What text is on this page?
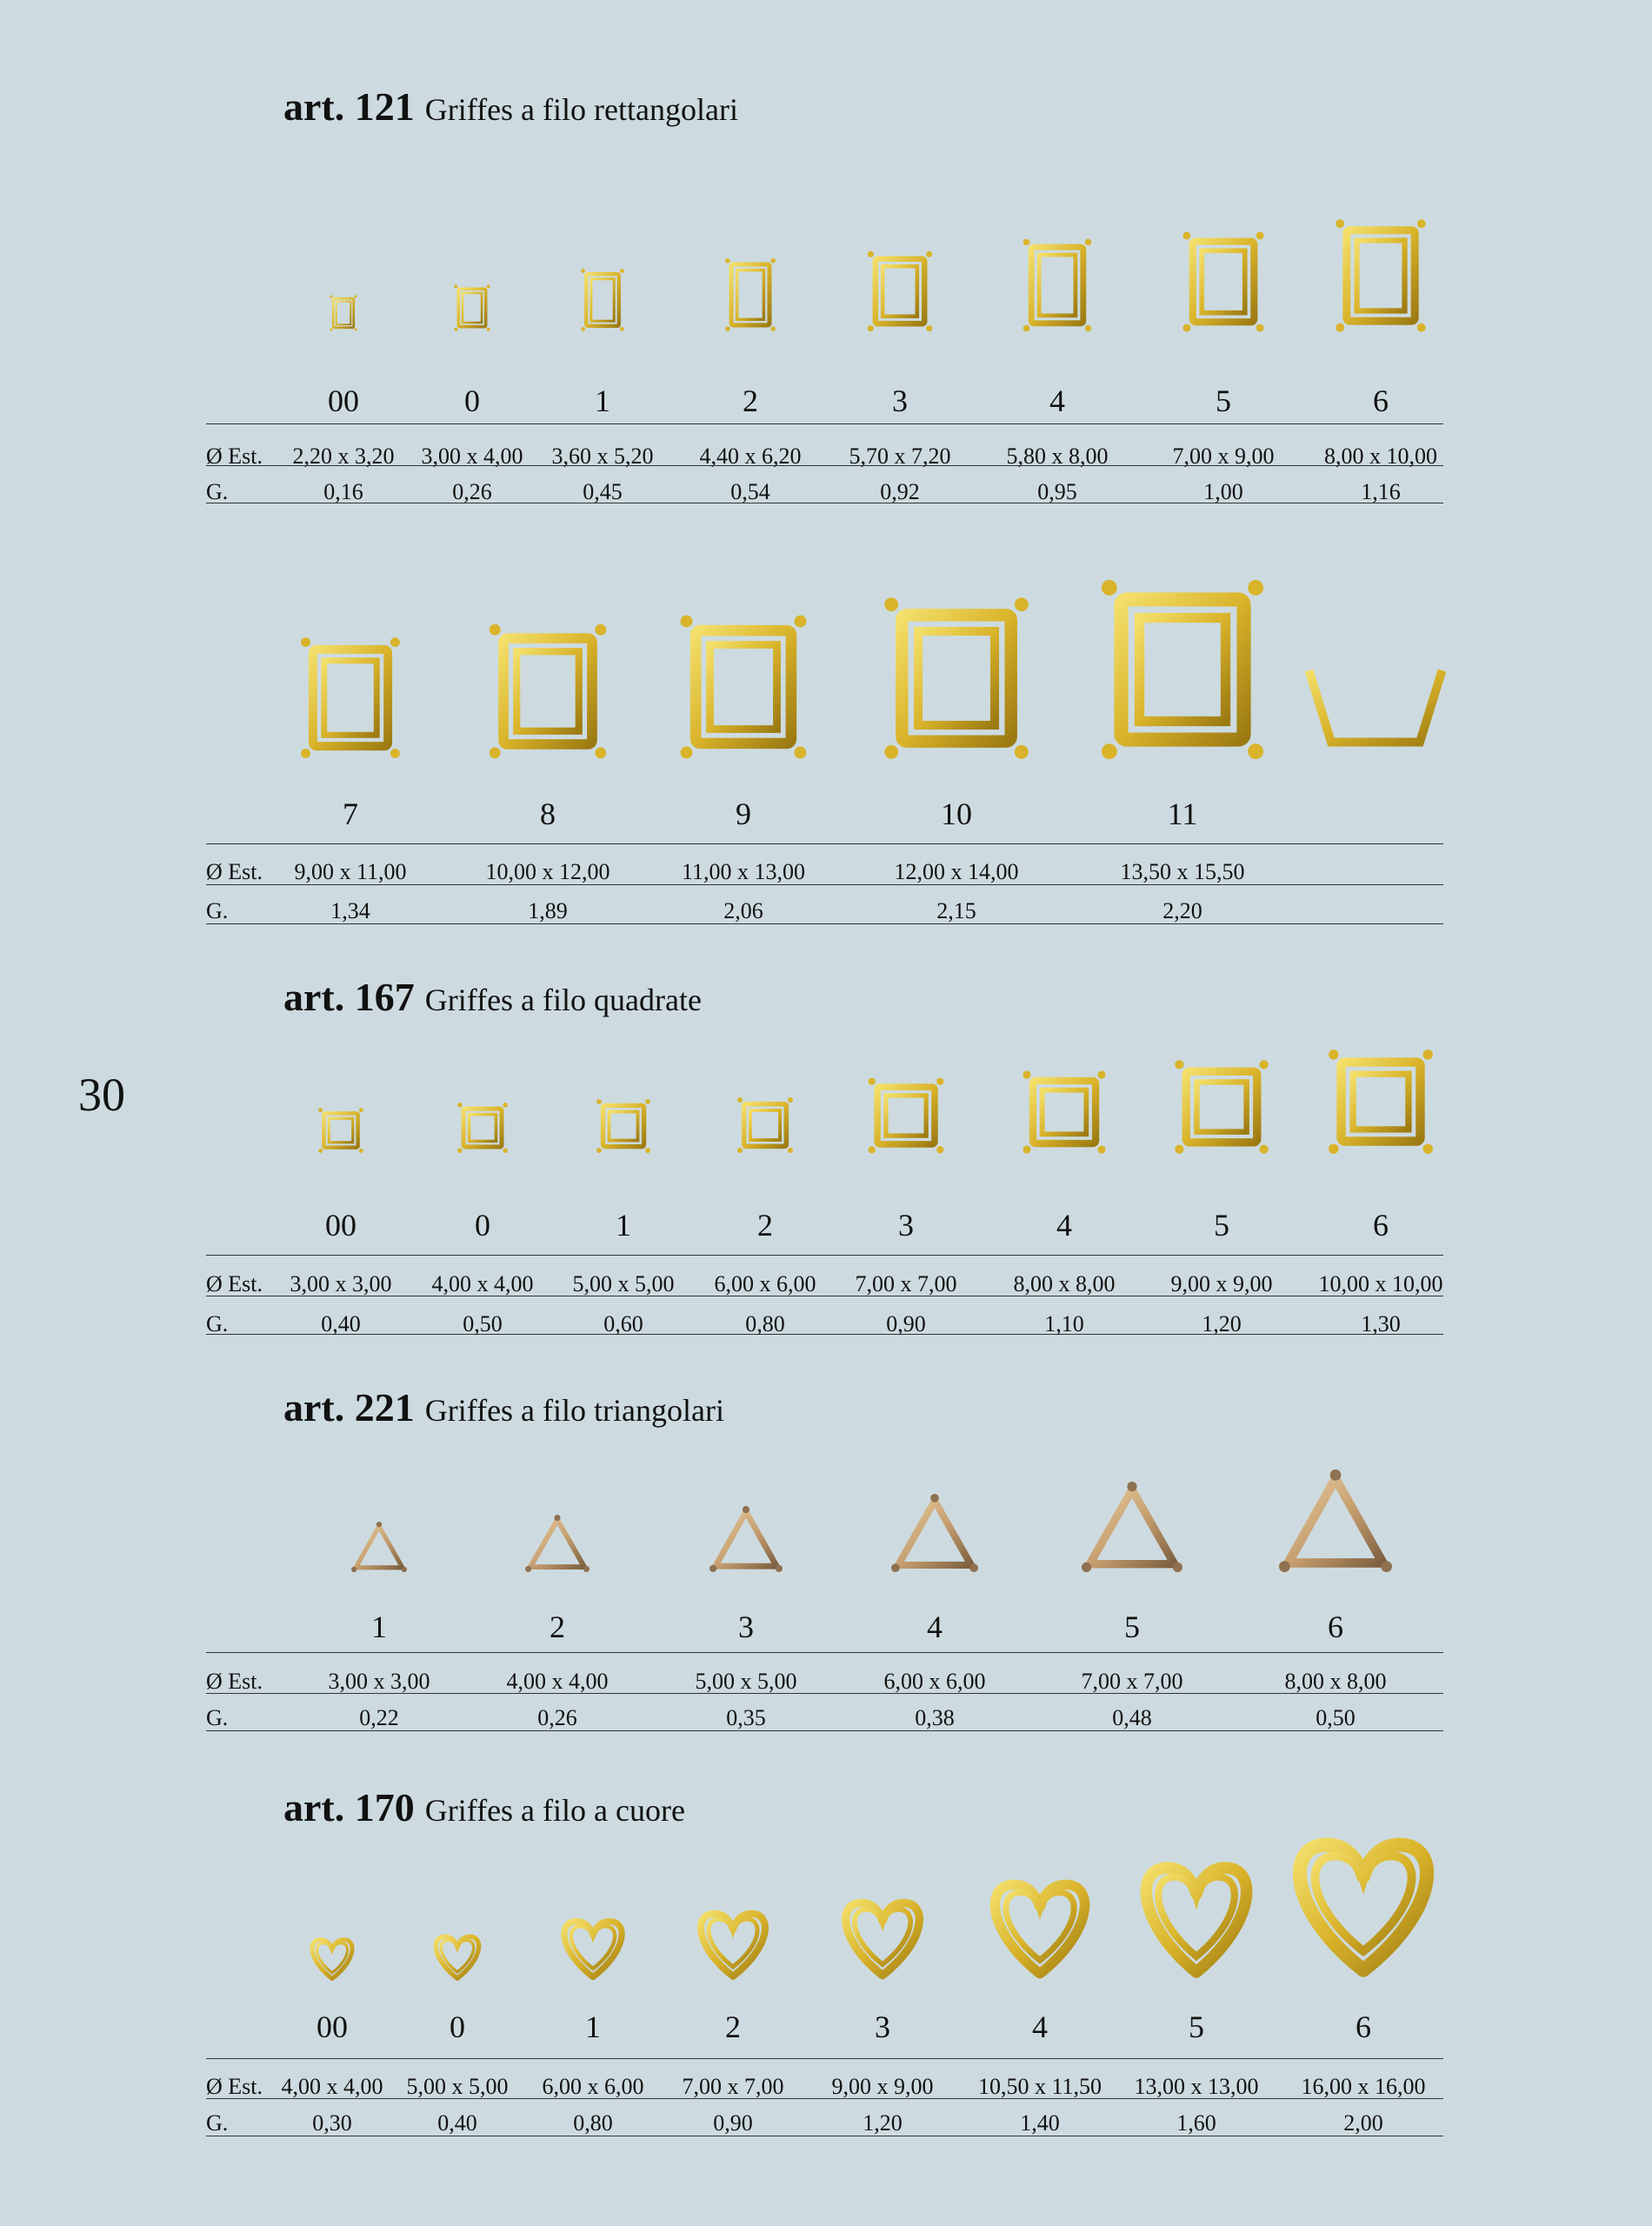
30
art. 121 Griffes a filo rettangolari
00
2,20 x 3,20
0,16
0
3,00 x 4,00
0,26
1
3,60 x 5,20
0,45
2
4,40 x 6,20
0,54
3
5,70 x 7,20
0,92
4
5,80 x 8,00
0,95
5
7,00 x 9,00
1,00
6
8,00 x 10,00
1,16
Ø Est.
G.
7
9,00 x 11,00
1,34
8
10,00 x 12,00
1,89
9
11,00 x 13,00
2,06
10
12,00 x 14,00
2,15
11
13,50 x 15,50
2,20
Ø Est.
G.
art. 167 Griffes a filo quadrate
00
3,00 x 3,00
0,40
0
4,00 x 4,00
0,50
1
5,00 x 5,00
0,60
2
6,00 x 6,00
0,80
3
7,00 x 7,00
0,90
4
8,00 x 8,00
1,10
5
9,00 x 9,00
1,20
6
10,00 x 10,00
1,30
Ø Est.
G.
art. 221 Griffes a filo triangolari
1
3,00 x 3,00
0,22
2
4,00 x 4,00
0,26
3
5,00 x 5,00
0,35
4
6,00 x 6,00
0,38
5
7,00 x 7,00
0,48
6
8,00 x 8,00
0,50
Ø Est.
G.
art. 170 Griffes a filo a cuore
00
4,00 x 4,00
0,30
0
5,00 x 5,00
0,40
1
6,00 x 6,00
0,80
2
7,00 x 7,00
0,90
3
9,00 x 9,00
1,20
4
10,50 x 11,50
1,40
5
13,00 x 13,00
1,60
6
16,00 x 16,00
2,00
Ø Est.
G.
